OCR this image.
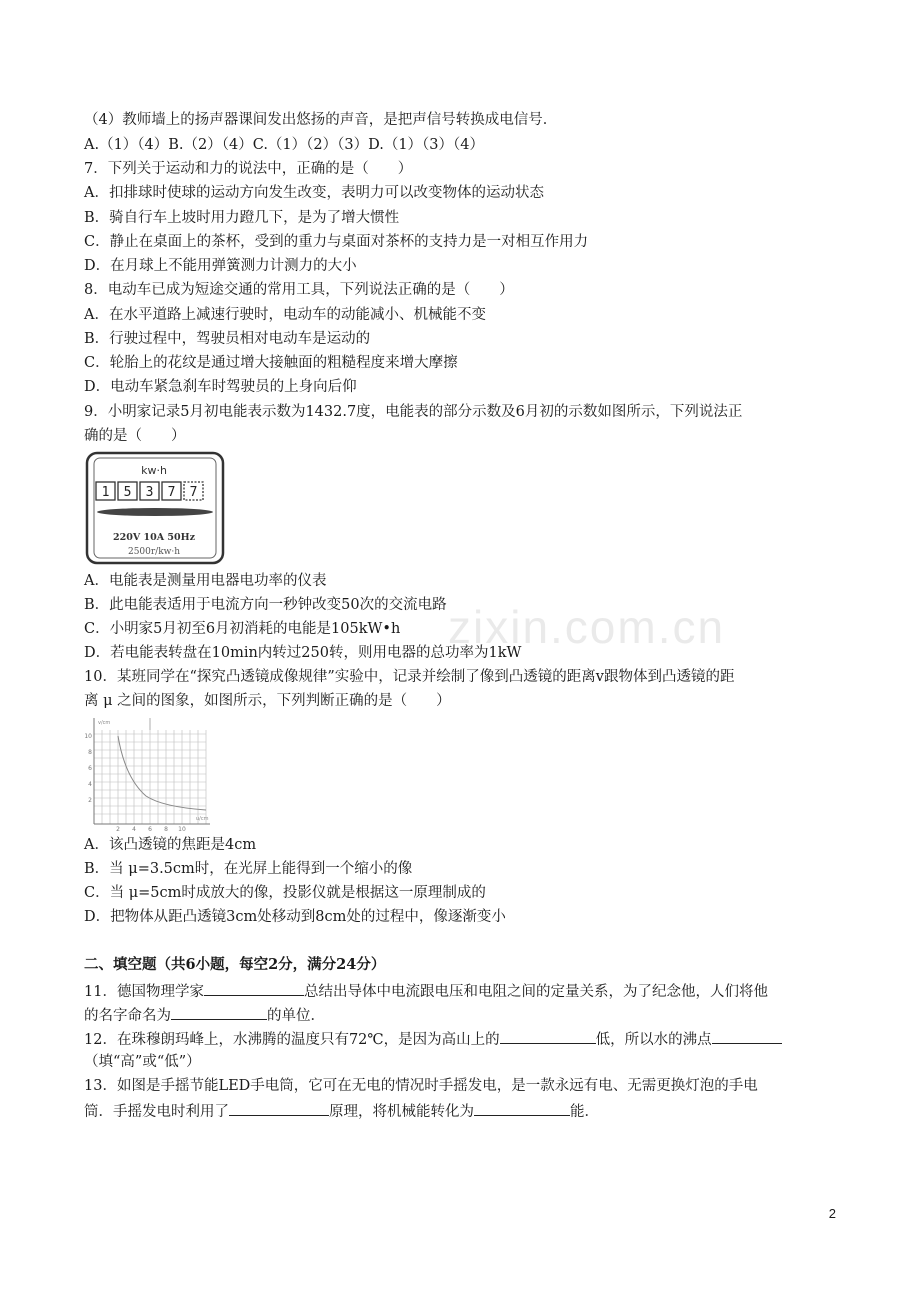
（4）教师墙上的扬声器课间发出悠扬的声音，是把声信号转换成电信号．
A.（1）（4）B.（2）（4）C.（1）（2）（3）D.（1）（3）（4）
7．下列关于运动和力的说法中，正确的是（　　）
A．扣排球时使球的运动方向发生改变，表明力可以改变物体的运动状态
B．骑自行车上坡时用力蹬几下，是为了增大惯性
C．静止在桌面上的茶杯，受到的重力与桌面对茶杯的支持力是一对相互作用力
D．在月球上不能用弹簧测力计测力的大小
8．电动车已成为短途交通的常用工具，下列说法正确的是（　　）
A．在水平道路上减速行驶时，电动车的动能减小、机械能不变
B．行驶过程中，驾驶员相对电动车是运动的
C．轮胎上的花纹是通过增大接触面的粗糙程度来增大摩擦
D．电动车紧急刹车时驾驶员的上身向后仰
9．小明家记录5月初电能表示数为1432.7度，电能表的部分示数及6月初的示数如图所示，下列说法正
确的是（　　）
kw·h
1 5 3 7 7
220V 10A 50Hz
2500r/kw·h
A．电能表是测量用电器电功率的仪表
B．此电能表适用于电流方向一秒钟改变50次的交流电路
C．小明家5月初至6月初消耗的电能是105kW•h
D．若电能表转盘在10min内转过250转，则用电器的总功率为1kW
10．某班同学在“探究凸透镜成像规律”实验中，记录并绘制了像到凸透镜的距离v跟物体到凸透镜的距
离 μ 之间的图象，如图所示，下列判断正确的是（　　）
v/cm
u/cm
10
8
6
4
2
2 4 6 8 10
A．该凸透镜的焦距是4cm
B．当 μ=3.5cm时，在光屏上能得到一个缩小的像
C．当 μ=5cm时成放大的像，投影仪就是根据这一原理制成的
D．把物体从距凸透镜3cm处移动到8cm处的过程中，像逐渐变小
二、填空题（共6小题，每空2分，满分24分）
11．德国物理学家	总结出导体中电流跟电压和电阻之间的定量关系，为了纪念他，人们将他
的名字命名为	的单位．
12．在珠穆朗玛峰上，水沸腾的温度只有72℃，是因为高山上的	低，所以水的沸点
（填“高”或“低”）
13．如图是手摇节能LED手电筒，它可在无电的情况时手摇发电，是一款永远有电、无需更换灯泡的手电
筒．手摇发电时利用了	原理，将机械能转化为	能．
zixin.com.cn
2
